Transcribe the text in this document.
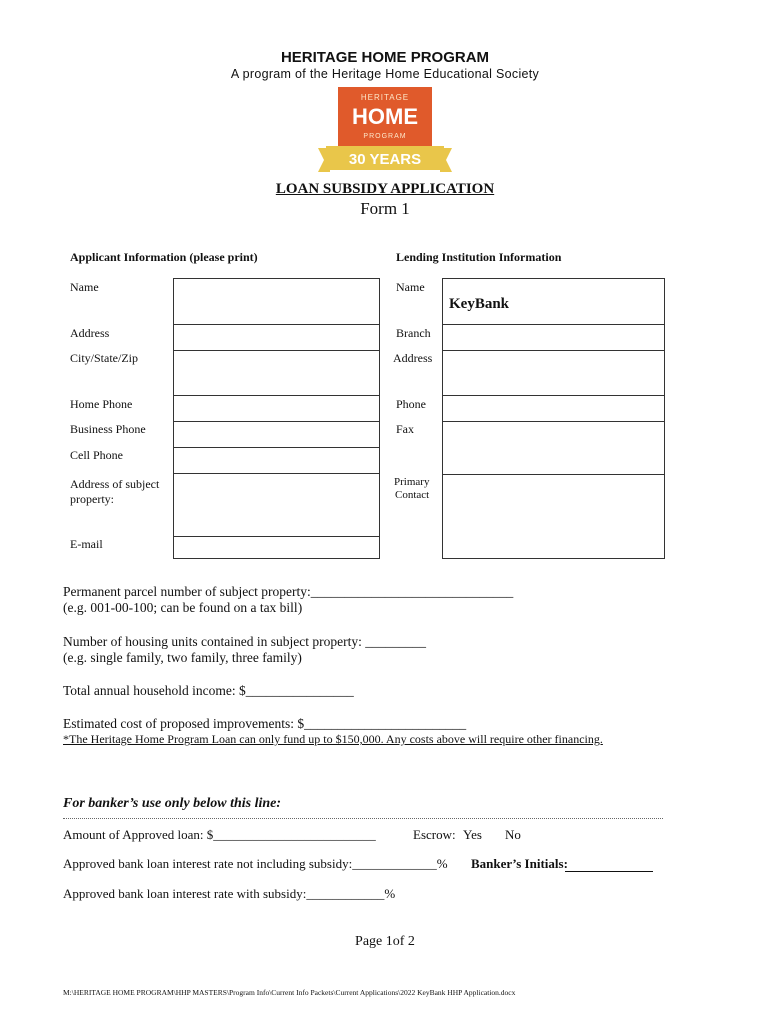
HERITAGE HOME PROGRAM
A program of the Heritage Home Educational Society
HERITAGE
HOME
PROGRAM
30 YEARS
LOAN SUBSIDY APPLICATION
Form 1
Applicant Information (please print)	Lending Institution Information
Name
Address
City/State/Zip
Home Phone
Business Phone
Cell Phone
Address of subject
property:
E-mail
Name
Branch
Address
Phone
Fax
Primary
Contact
KeyBank
Permanent parcel number of subject property:______________________________
(e.g. 001-00-100; can be found on a tax bill)
Number of housing units contained in subject property: _________
(e.g. single family, two family, three family)
Total annual household income: $________________
Estimated cost of proposed improvements: $________________________
*The Heritage Home Program Loan can only fund up to $150,000. Any costs above will require other financing.
For banker’s use only below this line:
Amount of Approved loan: $_________________________	Escrow: Yes No
Approved bank loan interest rate not including subsidy:_____________% Banker’s Initials:
Approved bank loan interest rate with subsidy:____________%
Page 1of 2
M:\HERITAGE HOME PROGRAM\HHP MASTERS\Program Info\Current Info Packets\Current Applications\2022 KeyBank HHP Application.docx
